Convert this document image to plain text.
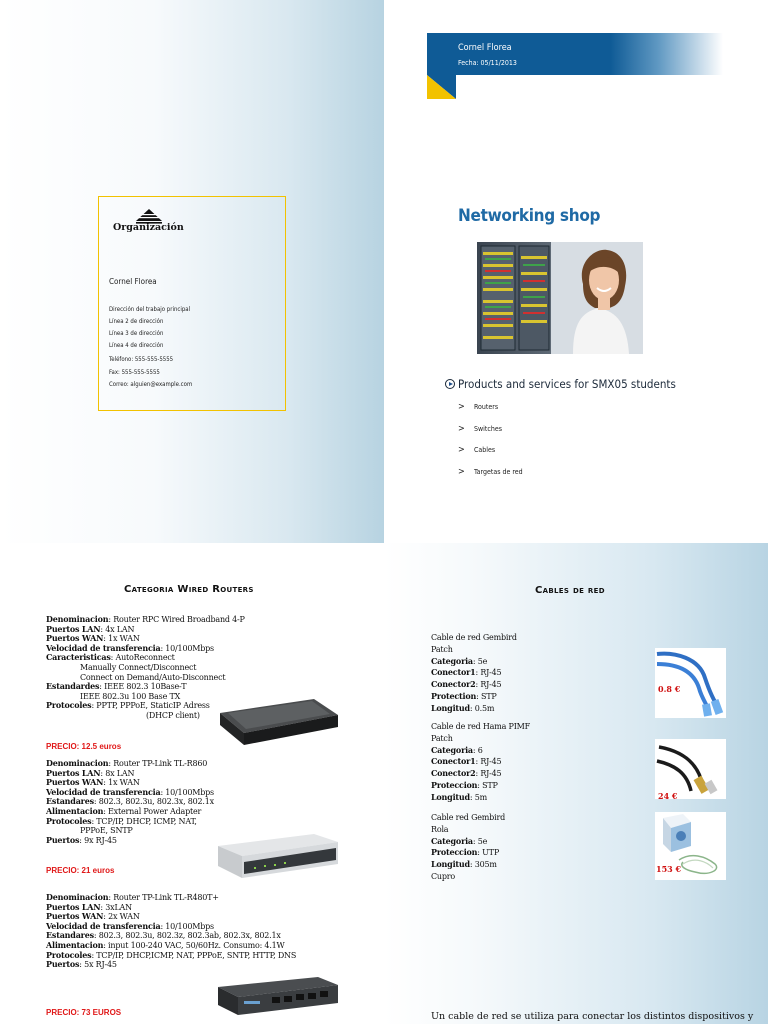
Cornel Florea
Fecha: 05/11/2013
Networking shop
Products and services for SMX05 students
>	Routers
>	Switches
>	Cables
>	Targetas de red
Organización
Cornel Florea
Dirección del trabajo principal
Línea 2 de dirección
Línea 3 de dirección
Línea 4 de dirección
Teléfono: 555-555-5555
Fax: 555-555-5555
Correo: alguien@example.com
Categoria Wired Routers
Denominacion: Router RPC Wired Broadband 4-P
Puertos LAN: 4x LAN
Puertos WAN: 1x WAN
Velocidad de transferencia: 10/100Mbps
Caracteristicas: AutoReconnect
Manually Connect/Disconnect
Connect on Demand/Auto-Disconnect
Estandardes: IEEE 802.3 10Base-T
IEEE 802.3u 100 Base TX
Protocoles: PPTP, PPPoE, StaticIP Adress
(DHCP client)
PRECIO: 12.5 euros
Denominacion: Router TP-Link TL-R860
Puertos LAN: 8x LAN
Puertos WAN: 1x WAN
Velocidad de transferencia: 10/100Mbps
Estandares: 802.3, 802.3u, 802.3x, 802.1x
Alimentacion: External Power Adapter
Protocoles: TCP/IP, DHCP, ICMP, NAT,
PPPoE, SNTP
Puertos: 9x RJ-45
PRECIO: 21 euros
Denominacion: Router TP-Link TL-R480T+
Puertos LAN: 3xLAN
Puertos WAN: 2x WAN
Velocidad de transferencia: 10/100Mbps
Estandares: 802.3, 802.3u, 802.3z, 802.3ab, 802.3x, 802.1x
Alimentacion: input 100-240 VAC, 50/60Hz. Consumo: 4.1W
Protocoles: TCP/IP, DHCP,ICMP, NAT, PPPoE, SNTP, HTTP, DNS
Puertos: 5x RJ-45
PRECIO: 73 EUROS
Cables de red
Cable de red Gembird
Patch
Categoria: 5e
Conector1: RJ-45
Conector2: RJ-45
Protection: STP
Longitud: 0.5m
Cable de red Hama PIMF
Patch
Categoria: 6
Conector1: RJ-45
Conector2: RJ-45
Proteccion: STP
Longitud: 5m
Cable red Gembird
Rola
Categoria: 5e
Proteccion: UTP
Longitud: 305m
Cupro
0.8 €
24 €
153 €
Un cable de red se utiliza para conectar los distintos dispositivos y
